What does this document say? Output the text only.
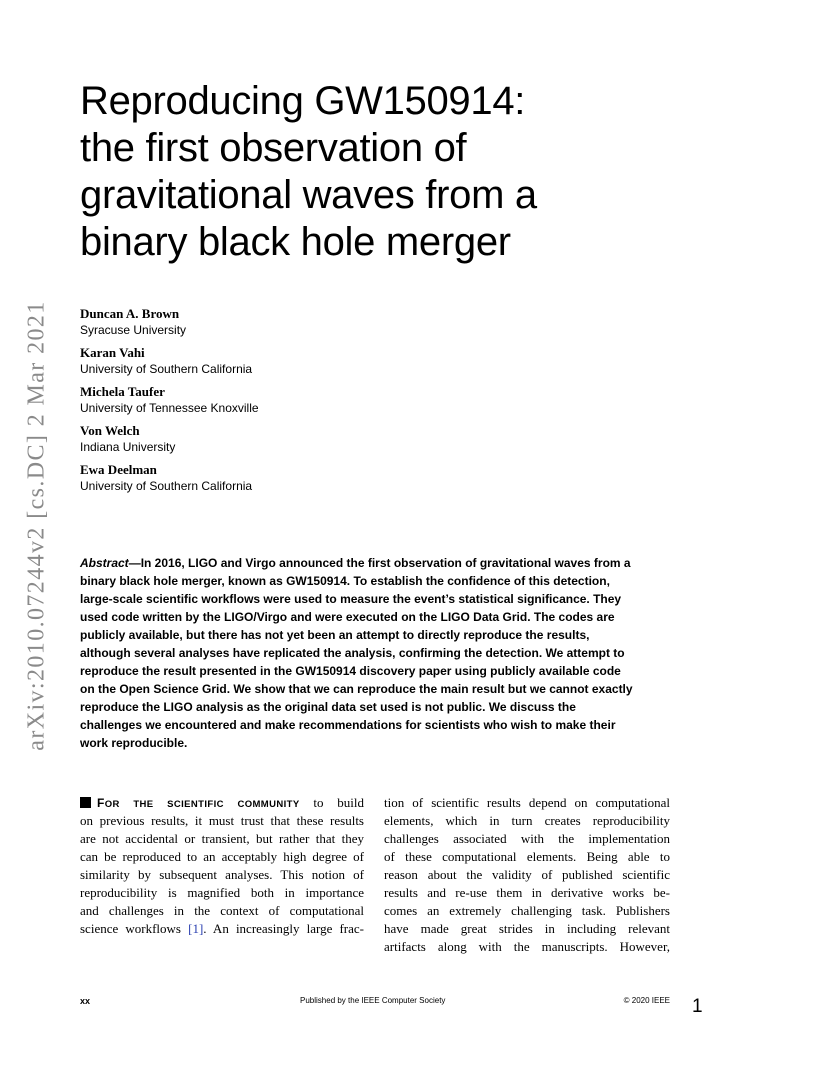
arXiv:2010.07244v2 [cs.DC] 2 Mar 2021
Reproducing GW150914:
the first observation of
gravitational waves from a
binary black hole merger
Duncan A. Brown
Syracuse University
Karan Vahi
University of Southern California
Michela Taufer
University of Tennessee Knoxville
Von Welch
Indiana University
Ewa Deelman
University of Southern California

Abstract—In 2016, LIGO and Virgo announced the first observation of gravitational waves from a
binary black hole merger, known as GW150914. To establish the confidence of this detection,
large-scale scientific workflows were used to measure the event’s statistical significance. They
used code written by the LIGO/Virgo and were executed on the LIGO Data Grid. The codes are
publicly available, but there has not yet been an attempt to directly reproduce the results,
although several analyses have replicated the analysis, confirming the detection. We attempt to
reproduce the result presented in the GW150914 discovery paper using publicly available code
on the Open Science Grid. We show that we can reproduce the main result but we cannot exactly
reproduce the LIGO analysis as the original data set used is not public. We discuss the
challenges we encountered and make recommendations for scientists who wish to make their
work reproducible.

FOR THE SCIENTIFIC COMMUNITY to build
on previous results, it must trust that these results
are not accidental or transient, but rather that they
can be reproduced to an acceptably high degree of
similarity by subsequent analyses. This notion of
reproducibility is magnified both in importance
and challenges in the context of computational
science workflows [1]. An increasingly large frac-
tion of scientific results depend on computational
elements, which in turn creates reproducibility
challenges associated with the implementation
of these computational elements. Being able to
reason about the validity of published scientific
results and re-use them in derivative works be-
comes an extremely challenging task. Publishers
have made great strides in including relevant
artifacts along with the manuscripts. However,
xx	Published by the IEEE Computer Society	© 2020 IEEE 1
